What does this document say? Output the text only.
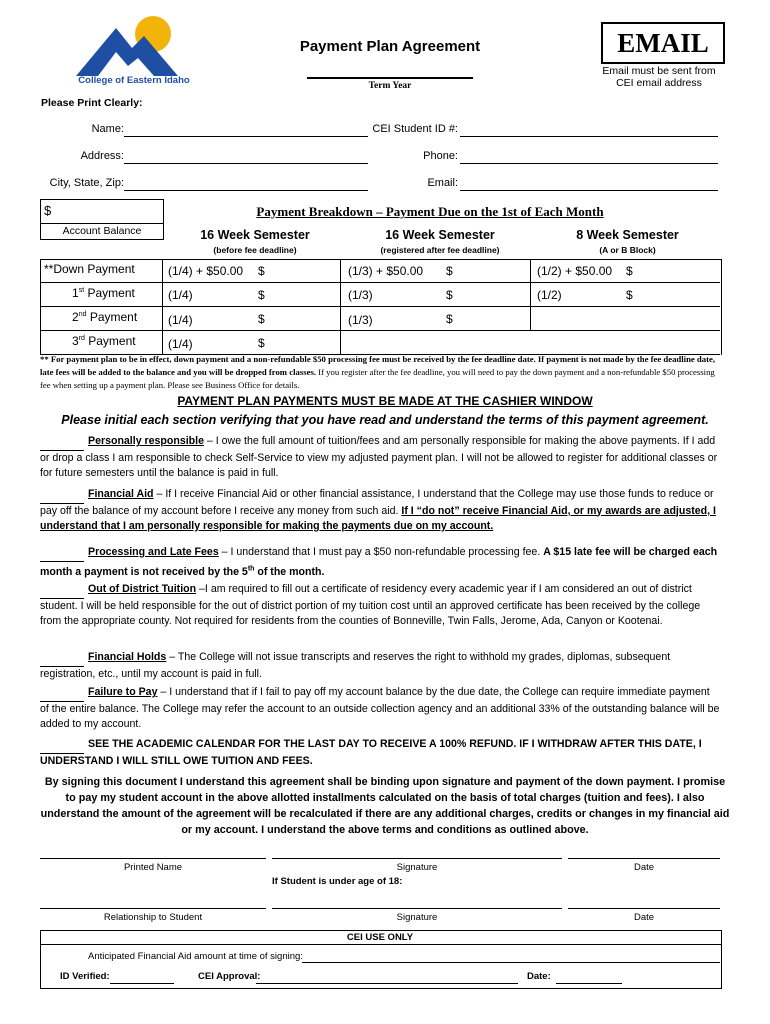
College of Eastern Idaho
Payment Plan Agreement
Term Year
EMAIL
Email must be sent from
CEI email address
Please Print Clearly:
Name:	CEI Student ID #:
Address:	Phone:
City, State, Zip:	Email:
$
Account Balance
Payment Breakdown – Payment Due on the 1st of Each Month
16 Week Semester	16 Week Semester	8 Week Semester
(before fee deadline)	(registered after fee deadline)	(A or B Block)
**Down Payment	(1/4) + $50.00 $	(1/3) + $50.00 $	(1/2) + $50.00 $
1st Payment	(1/4)	$	(1/3)	$	(1/2)	$
2nd Payment	(1/4)	$	(1/3)	$
3rd Payment	(1/4)	$
** For payment plan to be in effect, down payment and a non-refundable $50 processing fee must be received by the fee deadline date. If payment is not made by the fee deadline date, late fees will be added to the balance and you will be dropped from classes. If you register after the fee deadline, you will need to pay the down payment and a non-refundable $50 processing fee when setting up a payment plan. Please see Business Office for details.
PAYMENT PLAN PAYMENTS MUST BE MADE AT THE CASHIER WINDOW
Please initial each section verifying that you have read and understand the terms of this payment agreement.
Personally responsible – I owe the full amount of tuition/fees and am personally responsible for making the above payments. If I add or drop a class I am responsible to check Self-Service to view my adjusted payment plan. I will not be allowed to register for additional classes or for future semesters until the balance is paid in full.
Financial Aid – If I receive Financial Aid or other financial assistance, I understand that the College may use those funds to reduce or pay off the balance of my account before I receive any money from such aid. If I “do not” receive Financial Aid, or my awards are adjusted, I understand that I am personally responsible for making the payments due on my account.
Processing and Late Fees – I understand that I must pay a $50 non-refundable processing fee. A $15 late fee will be charged each month a payment is not received by the 5th of the month.
Out of District Tuition –I am required to fill out a certificate of residency every academic year if I am considered an out of district student. I will be held responsible for the out of district portion of my tuition cost until an approved certificate has been received by the college from the appropriate county. Not required for residents from the counties of Bonneville, Twin Falls, Jerome, Ada, Canyon or Kootenai.
Financial Holds – The College will not issue transcripts and reserves the right to withhold my grades, diplomas, subsequent registration, etc., until my account is paid in full.
Failure to Pay – I understand that if I fail to pay off my account balance by the due date, the College can require immediate payment of the entire balance. The College may refer the account to an outside collection agency and an additional 33% of the outstanding balance will be added to my account.
SEE THE ACADEMIC CALENDAR FOR THE LAST DAY TO RECEIVE A 100% REFUND. IF I WITHDRAW AFTER THIS DATE, I UNDERSTAND I WILL STILL OWE TUITION AND FEES.
By signing this document I understand this agreement shall be binding upon signature and payment of the down payment. I promise to pay my student account in the above allotted installments calculated on the basis of total charges (tuition and fees). I also understand the amount of the agreement will be recalculated if there are any additional charges, credits or changes in my financial aid or my account. I understand the above terms and conditions as outlined above.
Printed Name	Signature	Date
If Student is under age of 18:
Relationship to Student	Signature	Date
CEI USE ONLY
Anticipated Financial Aid amount at time of signing:
ID Verified:	CEI Approval:	Date:
